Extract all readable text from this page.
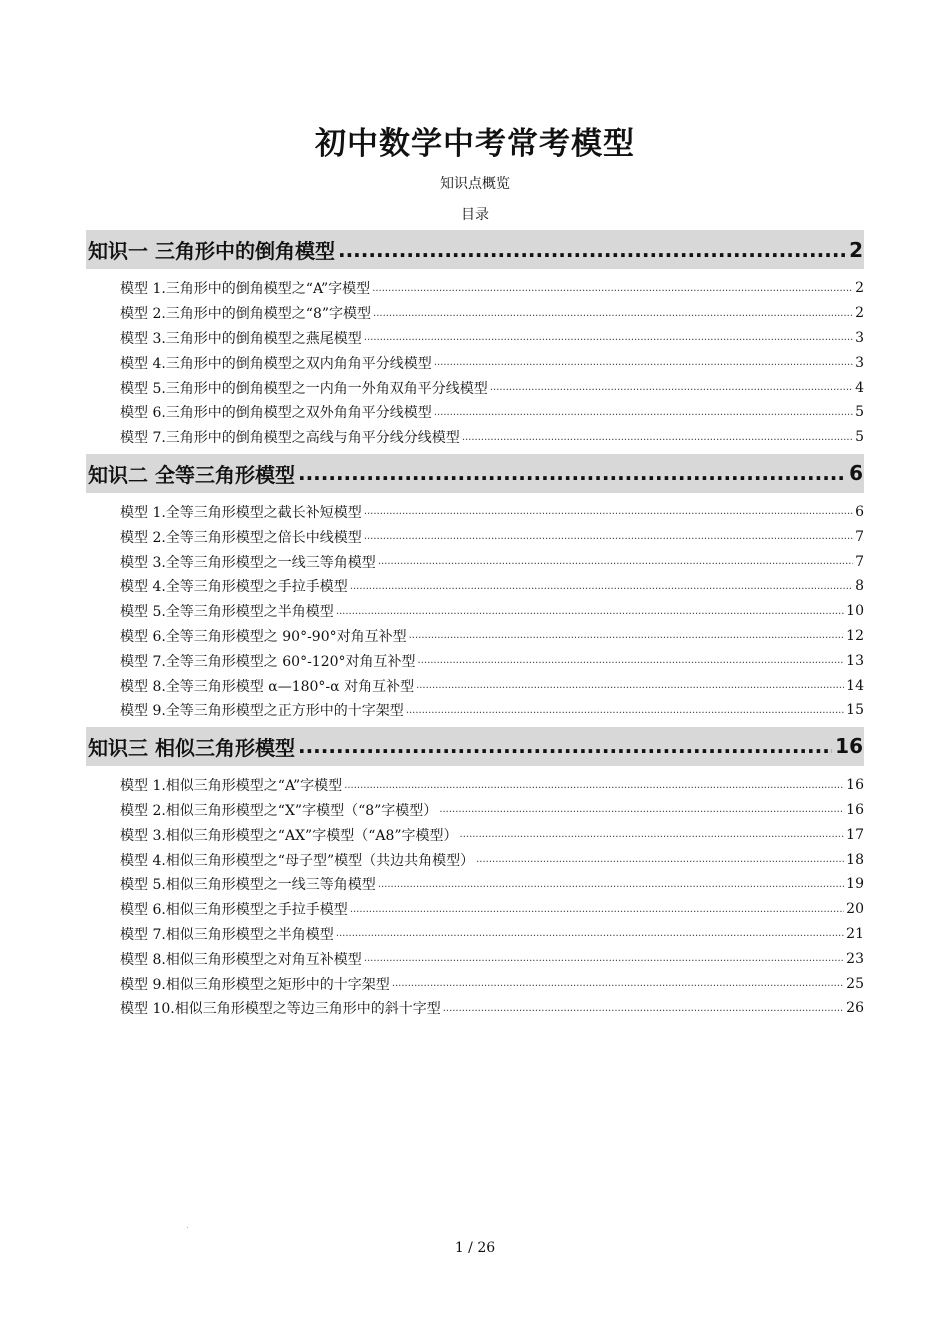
初中数学中考常考模型
知识点概览
目录
知识一 三角形中的倒角模型 .....	2
模型 1.三角形中的倒角模型之“A”字模型 .....	2
模型 2.三角形中的倒角模型之“8”字模型 .....	2
模型 3.三角形中的倒角模型之燕尾模型 .....	3
模型 4.三角形中的倒角模型之双内角角平分线模型 .....	3
模型 5.三角形中的倒角模型之一内角一外角双角平分线模型 .....	4
模型 6.三角形中的倒角模型之双外角角平分线模型 .....	5
模型 7.三角形中的倒角模型之高线与角平分线分线模型 .....	5
知识二 全等三角形模型 .....	6
模型 1.全等三角形模型之截长补短模型 .....	6
模型 2.全等三角形模型之倍长中线模型 .....	7
模型 3.全等三角形模型之一线三等角模型 .....	7
模型 4.全等三角形模型之手拉手模型 .....	8
模型 5.全等三角形模型之半角模型 .....	10
模型 6.全等三角形模型之 90°-90°对角互补型 .....	12
模型 7.全等三角形模型之 60°-120°对角互补型 .....	13
模型 8.全等三角形模型 α—180°-α 对角互补型 .....	14
模型 9.全等三角形模型之正方形中的十字架型 .....	15
知识三 相似三角形模型 .....	16
模型 1.相似三角形模型之“A”字模型 .....	16
模型 2.相似三角形模型之“X”字模型（“8”字模型） .....	16
模型 3.相似三角形模型之“AX”字模型（“A8”字模型） .....	17
模型 4.相似三角形模型之“母子型”模型（共边共角模型） .....	18
模型 5.相似三角形模型之一线三等角模型 .....	19
模型 6.相似三角形模型之手拉手模型 .....	20
模型 7.相似三角形模型之半角模型 .....	21
模型 8.相似三角形模型之对角互补模型 .....	23
模型 9.相似三角形模型之矩形中的十字架型 .....	25
模型 10.相似三角形模型之等边三角形中的斜十字型 .....	26
.
1 / 26
